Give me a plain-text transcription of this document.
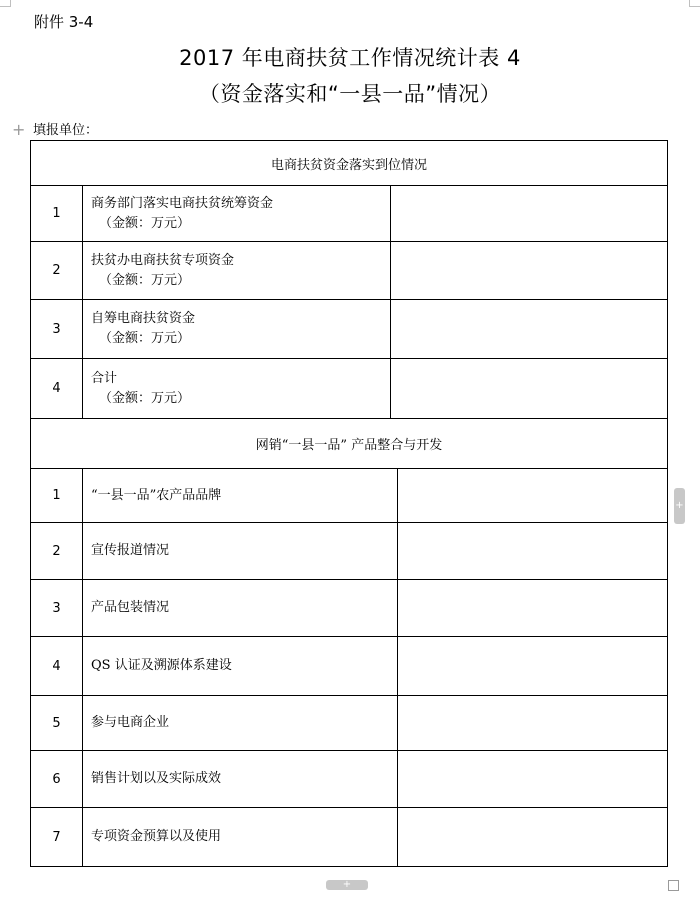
附件 3-4
2017 年电商扶贫工作情况统计表 4
（资金落实和“一县一品”情况）
+ 填报单位：
电商扶贫资金落实到位情况			
1	商务部门落实电商扶贫统筹资金
（金额：万元）		

2	扶贫办电商扶贫专项资金
（金额：万元）		

3	自筹电商扶贫资金
（金额：万元）		

4	合计
（金额：万元）		

网销“一县一品” 产品整合与开发			
1	“一县一品”农产品品牌		
2	宣传报道情况		
3	产品包装情况		
4	QS 认证及溯源体系建设		
5	参与电商企业		
6	销售计划以及实际成效		
7	专项资金预算以及使用		
+
+
